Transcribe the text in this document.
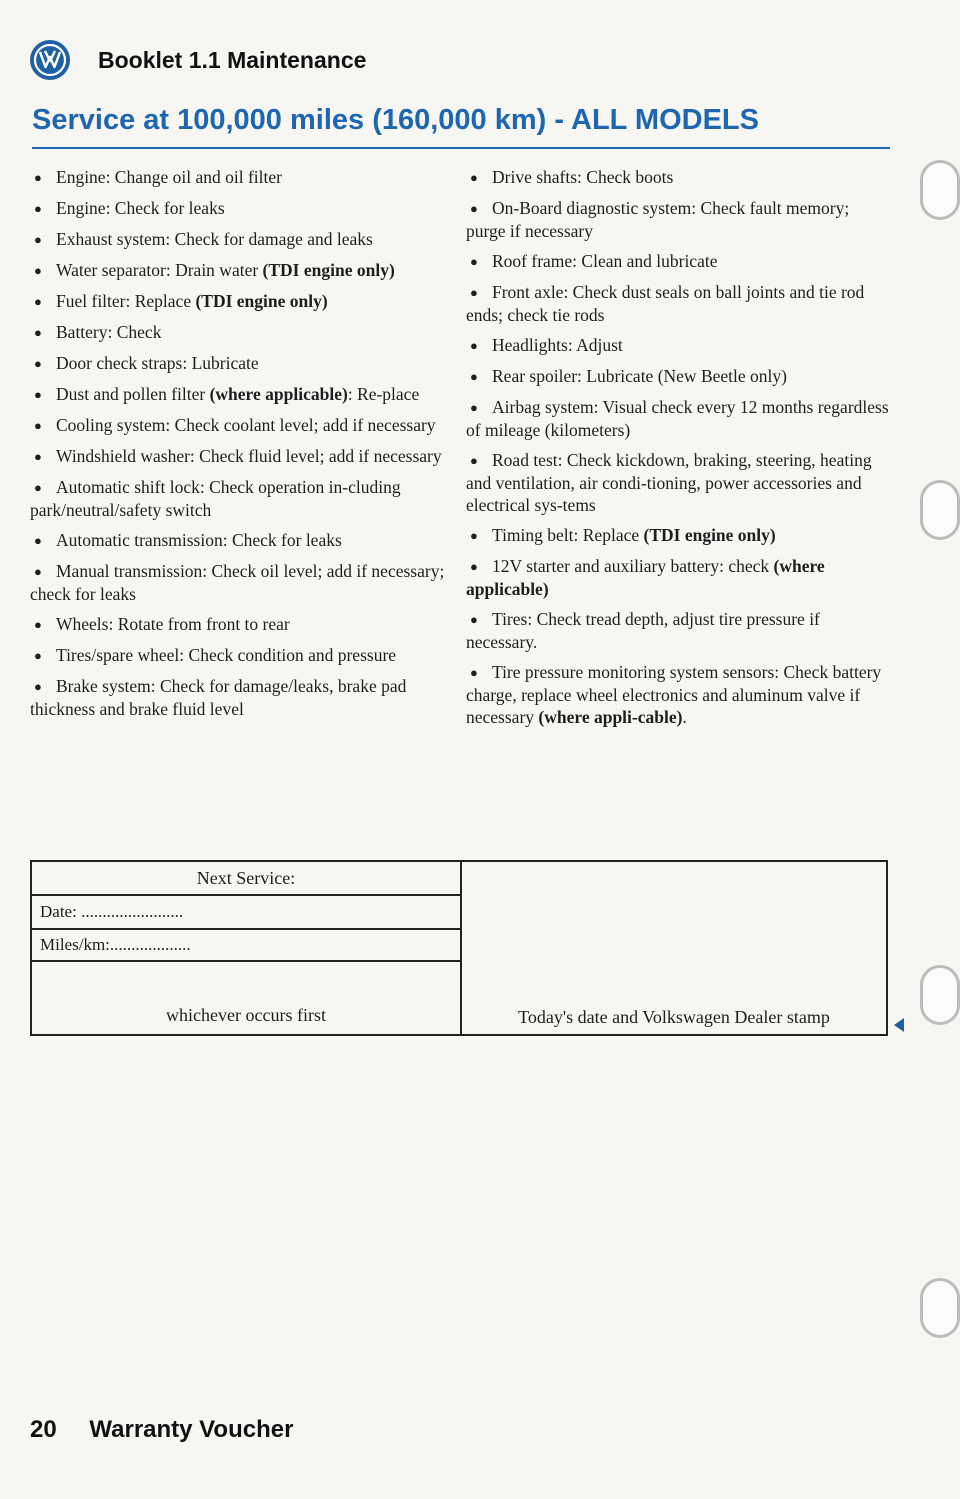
Booklet 1.1 Maintenance
Service at 100,000 miles (160,000 km) - ALL MODELS
● Engine: Change oil and oil filter
● Engine: Check for leaks
● Exhaust system: Check for damage and leaks
● Water separator: Drain water (TDI engine only)
● Fuel filter: Replace (TDI engine only)
● Battery: Check
● Door check straps: Lubricate
● Dust and pollen filter (where applicable): Re-place
● Cooling system: Check coolant level; add if necessary
● Windshield washer: Check fluid level; add if necessary
● Automatic shift lock: Check operation in-cluding park/neutral/safety switch
● Automatic transmission: Check for leaks
● Manual transmission: Check oil level; add if necessary; check for leaks
● Wheels: Rotate from front to rear
● Tires/spare wheel: Check condition and pressure
● Brake system: Check for damage/leaks, brake pad thickness and brake fluid level
● Drive shafts: Check boots
● On-Board diagnostic system: Check fault memory; purge if necessary
● Roof frame: Clean and lubricate
● Front axle: Check dust seals on ball joints and tie rod ends; check tie rods
● Headlights: Adjust
● Rear spoiler: Lubricate (New Beetle only)
● Airbag system: Visual check every 12 months regardless of mileage (kilometers)
● Road test: Check kickdown, braking, steering, heating and ventilation, air condi-tioning, power accessories and electrical sys-tems
● Timing belt: Replace (TDI engine only)
● 12V starter and auxiliary battery: check (where applicable)
● Tires: Check tread depth, adjust tire pressure if necessary.
● Tire pressure monitoring system sensors: Check battery charge, replace wheel electronics and aluminum valve if necessary (where appli-cable).
Next Service:
Date: ........................
Miles/km:...................
whichever occurs first	Today's date and Volkswagen Dealer stamp
20 Warranty Voucher
